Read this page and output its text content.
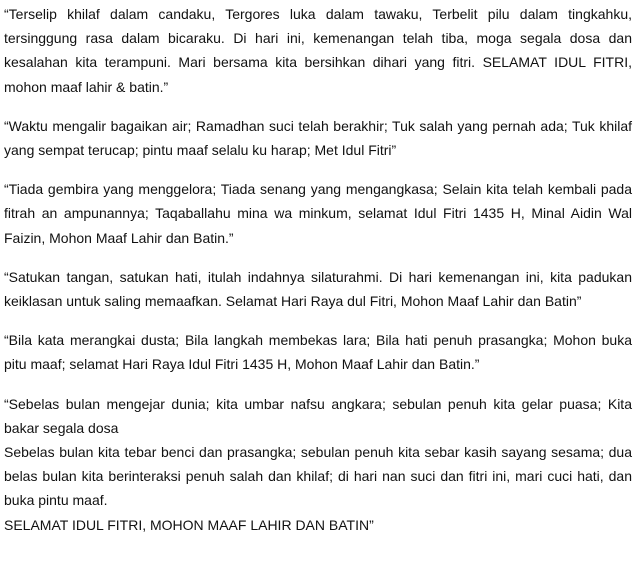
“Terselip khilaf dalam candaku, Tergores luka dalam tawaku, Terbelit pilu dalam tingkahku, tersinggung rasa dalam bicaraku. Di hari ini, kemenangan telah tiba, moga segala dosa dan kesalahan kita terampuni. Mari bersama kita bersihkan dihari yang fitri. SELAMAT IDUL FITRI, mohon maaf lahir & batin.”

“Waktu mengalir bagaikan air; Ramadhan suci telah berakhir; Tuk salah yang pernah ada; Tuk khilaf yang sempat terucap; pintu maaf selalu ku harap; Met Idul Fitri”

“Tiada gembira yang menggelora; Tiada senang yang mengangkasa; Selain kita telah kembali pada fitrah an ampunannya; Taqaballahu mina wa minkum, selamat Idul Fitri 1435 H, Minal Aidin Wal Faizin, Mohon Maaf Lahir dan Batin.”

“Satukan tangan, satukan hati, itulah indahnya silaturahmi. Di hari kemenangan ini, kita padukan keiklasan untuk saling memaafkan. Selamat Hari Raya dul Fitri, Mohon Maaf Lahir dan Batin”

“Bila kata merangkai dusta; Bila langkah membekas lara; Bila hati penuh prasangka; Mohon buka pitu maaf; selamat Hari Raya Idul Fitri 1435 H, Mohon Maaf Lahir dan Batin.”

“Sebelas bulan mengejar dunia; kita umbar nafsu angkara; sebulan penuh kita gelar puasa; Kita bakar segala dosa
Sebelas bulan kita tebar benci dan prasangka; sebulan penuh kita sebar kasih sayang sesama; dua belas bulan kita berinteraksi penuh salah dan khilaf; di hari nan suci dan fitri ini, mari cuci hati, dan buka pintu maaf.
SELAMAT IDUL FITRI, MOHON MAAF LAHIR DAN BATIN”
